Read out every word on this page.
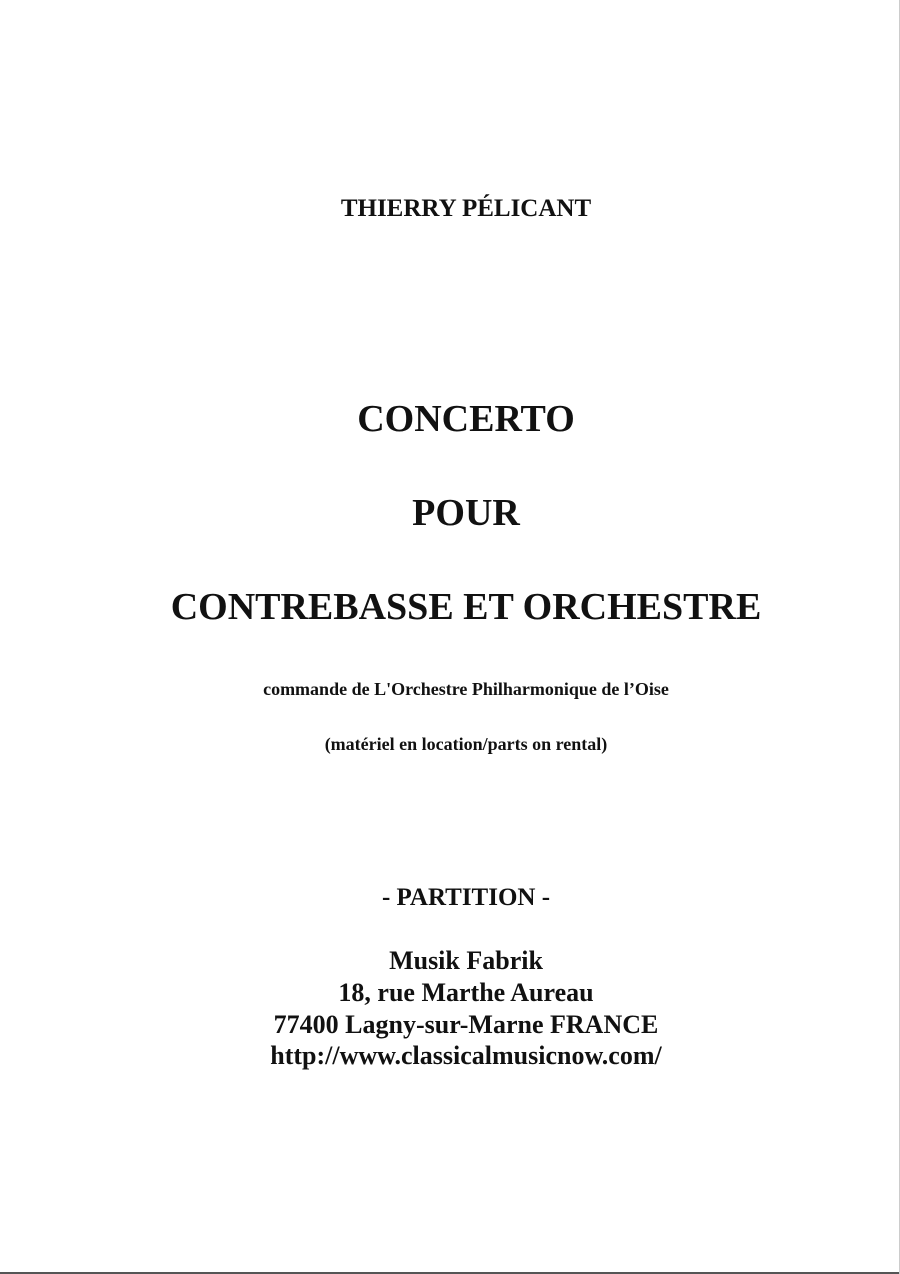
THIERRY PÉLICANT
CONCERTO
POUR
CONTREBASSE ET ORCHESTRE
commande de L'Orchestre Philharmonique de l’Oise
(matériel en location/parts on rental)
- PARTITION -
Musik Fabrik
18, rue Marthe Aureau
77400 Lagny-sur-Marne FRANCE
http://www.classicalmusicnow.com/
